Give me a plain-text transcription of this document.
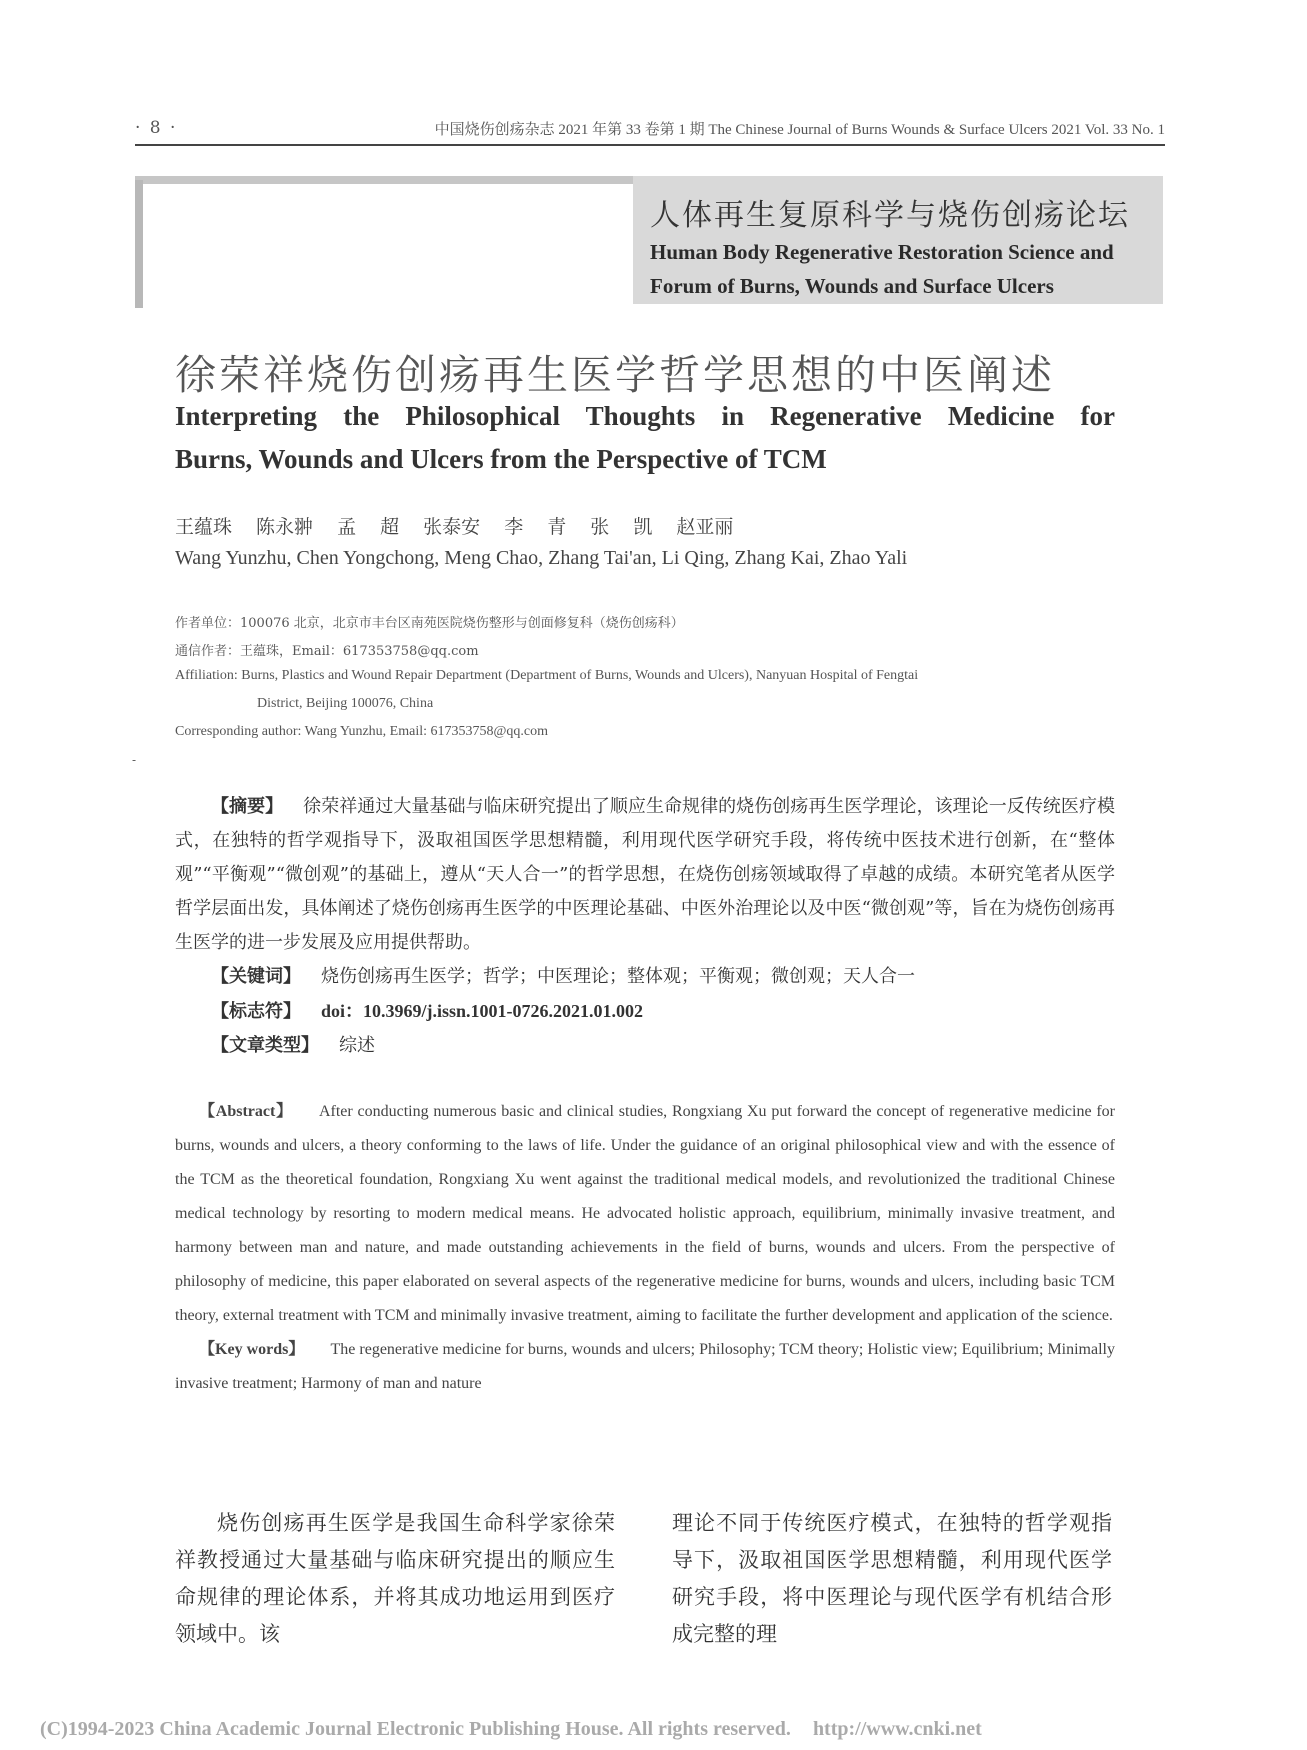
· 8 ·	中国烧伤创疡杂志 2021 年第 33 卷第 1 期 The Chinese Journal of Burns Wounds & Surface Ulcers 2021 Vol. 33 No. 1
人体再生复原科学与烧伤创疡论坛
Human Body Regenerative Restoration Science and
Forum of Burns, Wounds and Surface Ulcers
徐荣祥烧伤创疡再生医学哲学思想的中医阐述
Interpreting the Philosophical Thoughts in Regenerative Medicine for
Burns, Wounds and Ulcers from the Perspective of TCM
王蕴珠 陈永翀 孟 超 张泰安 李 青 张 凯 赵亚丽
Wang Yunzhu, Chen Yongchong, Meng Chao, Zhang Tai'an, Li Qing, Zhang Kai, Zhao Yali
作者单位：100076 北京，北京市丰台区南苑医院烧伤整形与创面修复科（烧伤创疡科）
通信作者：王蕴珠，Email：617353758@qq.com
Affiliation: Burns, Plastics and Wound Repair Department (Department of Burns, Wounds and Ulcers), Nanyuan Hospital of Fengtai
District, Beijing 100076, China
Corresponding author: Wang Yunzhu, Email: 617353758@qq.com
-

【摘要】 徐荣祥通过大量基础与临床研究提出了顺应生命规律的烧伤创疡再生医学理论，该理论一反传统医疗模式，在独特的哲学观指导下，汲取祖国医学思想精髓，利用现代医学研究手段，将传统中医技术进行创新，在“整体观”“平衡观”“微创观”的基础上，遵从“天人合一”的哲学思想，在烧伤创疡领域取得了卓越的成绩。本研究笔者从医学哲学层面出发，具体阐述了烧伤创疡再生医学的中医理论基础、中医外治理论以及中医“微创观”等，旨在为烧伤创疡再生医学的进一步发展及应用提供帮助。

【关键词】 烧伤创疡再生医学；哲学；中医理论；整体观；平衡观；微创观；天人合一
【标志符】 doi：10.3969/j.issn.1001-0726.2021.01.002
【文章类型】 综述

【Abstract】 After conducting numerous basic and clinical studies, Rongxiang Xu put forward the concept of regenerative medicine for burns, wounds and ulcers, a theory conforming to the laws of life. Under the guidance of an original philosophical view and with the essence of the TCM as the theoretical foundation, Rongxiang Xu went against the traditional medical models, and revolutionized the traditional Chinese medical technology by resorting to modern medical means. He advocated holistic approach, equilibrium, minimally invasive treatment, and harmony between man and nature, and made outstanding achievements in the field of burns, wounds and ulcers. From the perspective of philosophy of medicine, this paper elaborated on several aspects of the regenerative medicine for burns, wounds and ulcers, including basic TCM theory, external treatment with TCM and minimally invasive treatment, aiming to facilitate the further development and application of the science.

【Key words】 The regenerative medicine for burns, wounds and ulcers; Philosophy; TCM theory; Holistic view; Equilibrium; Minimally invasive treatment; Harmony of man and nature

烧伤创疡再生医学是我国生命科学家徐荣祥教授通过大量基础与临床研究提出的顺应生命规律的理论体系，并将其成功地运用到医疗领域中。该
理论不同于传统医疗模式，在独特的哲学观指导下，汲取祖国医学思想精髓，利用现代医学研究手段，将中医理论与现代医学有机结合形成完整的理
(C)1994-2023 China Academic Journal Electronic Publishing House. All rights reserved. http://www.cnki.net
